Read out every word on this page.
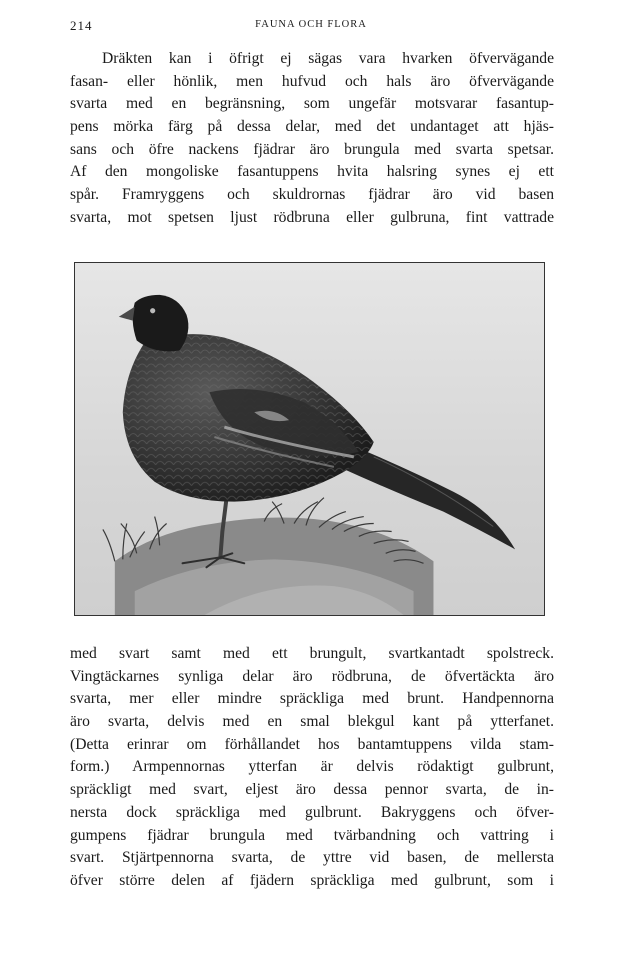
214	FAUNA OCH FLORA
Dräkten kan i öfrigt ej sägas vara hvarken öfvervägande
fasan- eller hönlik, men hufvud och hals äro öfvervägande
svarta med en begränsning, som ungefär motsvarar fasantup-
pens mörka färg på dessa delar, med det undantaget att hjäs-
sans och öfre nackens fjädrar äro brungula med svarta spetsar.
Af den mongoliske fasantuppens hvita halsring synes ej ett
spår. Framryggens och skuldrornas fjädrar äro vid basen
svarta, mot spetsen ljust rödbruna eller gulbruna, fint vattrade
med svart samt med ett brungult, svartkantadt spolstreck.
Vingtäckarnes synliga delar äro rödbruna, de öfvertäckta äro
svarta, mer eller mindre spräckliga med brunt. Handpennorna
äro svarta, delvis med en smal blekgul kant på ytterfanet.
(Detta erinrar om förhållandet hos bantamtuppens vilda stam-
form.) Armpennornas ytterfan är delvis rödaktigt gulbrunt,
spräckligt med svart, eljest äro dessa pennor svarta, de in-
nersta dock spräckliga med gulbrunt. Bakryggens och öfver-
gumpens fjädrar brungula med tvärbandning och vattring i
svart. Stjärtpennorna svarta, de yttre vid basen, de mellersta
öfver större delen af fjädern spräckliga med gulbrunt, som i
